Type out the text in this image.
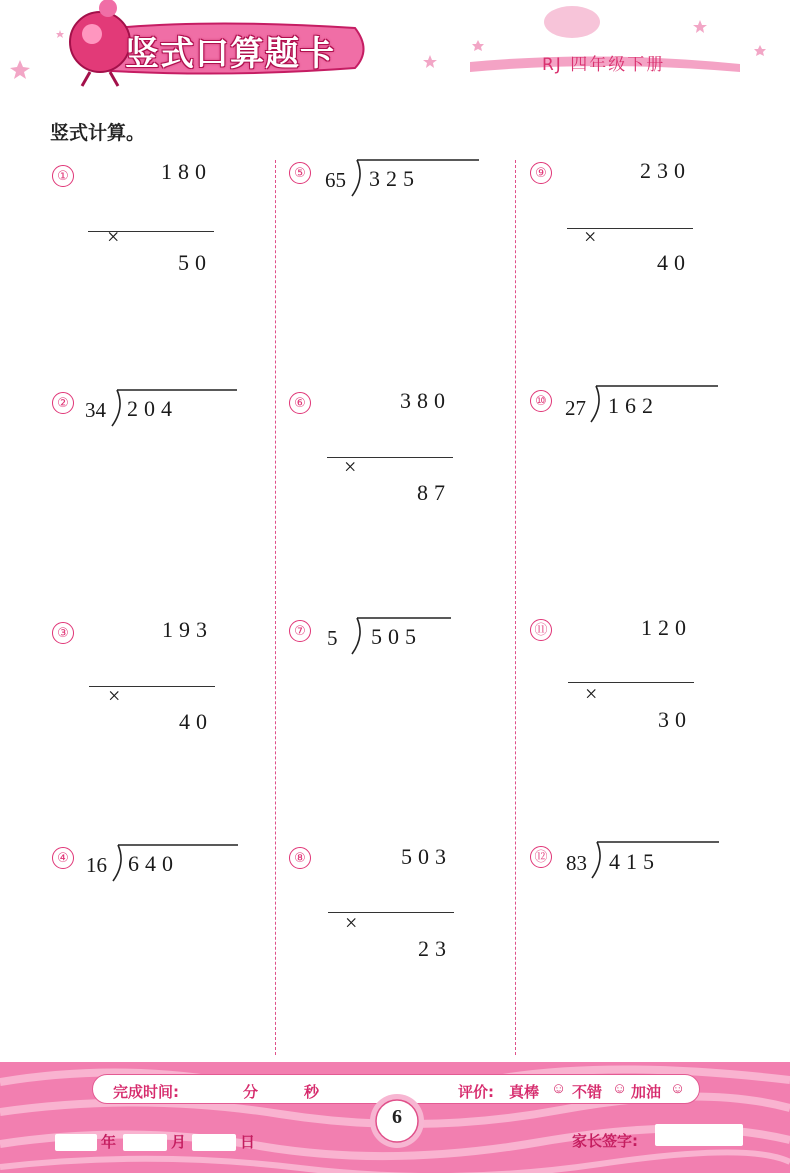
竖式口算题卡	RJ 四年级下册
竖式计算。
①	180

×

50

② 34 204
③	193

×

40

④ 16 640
⑤ 65 325
⑥	380

×

87

⑦ 5 505
⑧	503

×

23

⑨	230

×

40

⑩ 27 162
⑪	120

×

30

⑫ 83 415
完成时间:	分	秒	评价: 真棒 ☺ 不错 ☺ 加油 ☺
6
年	月	日	家长签字:
